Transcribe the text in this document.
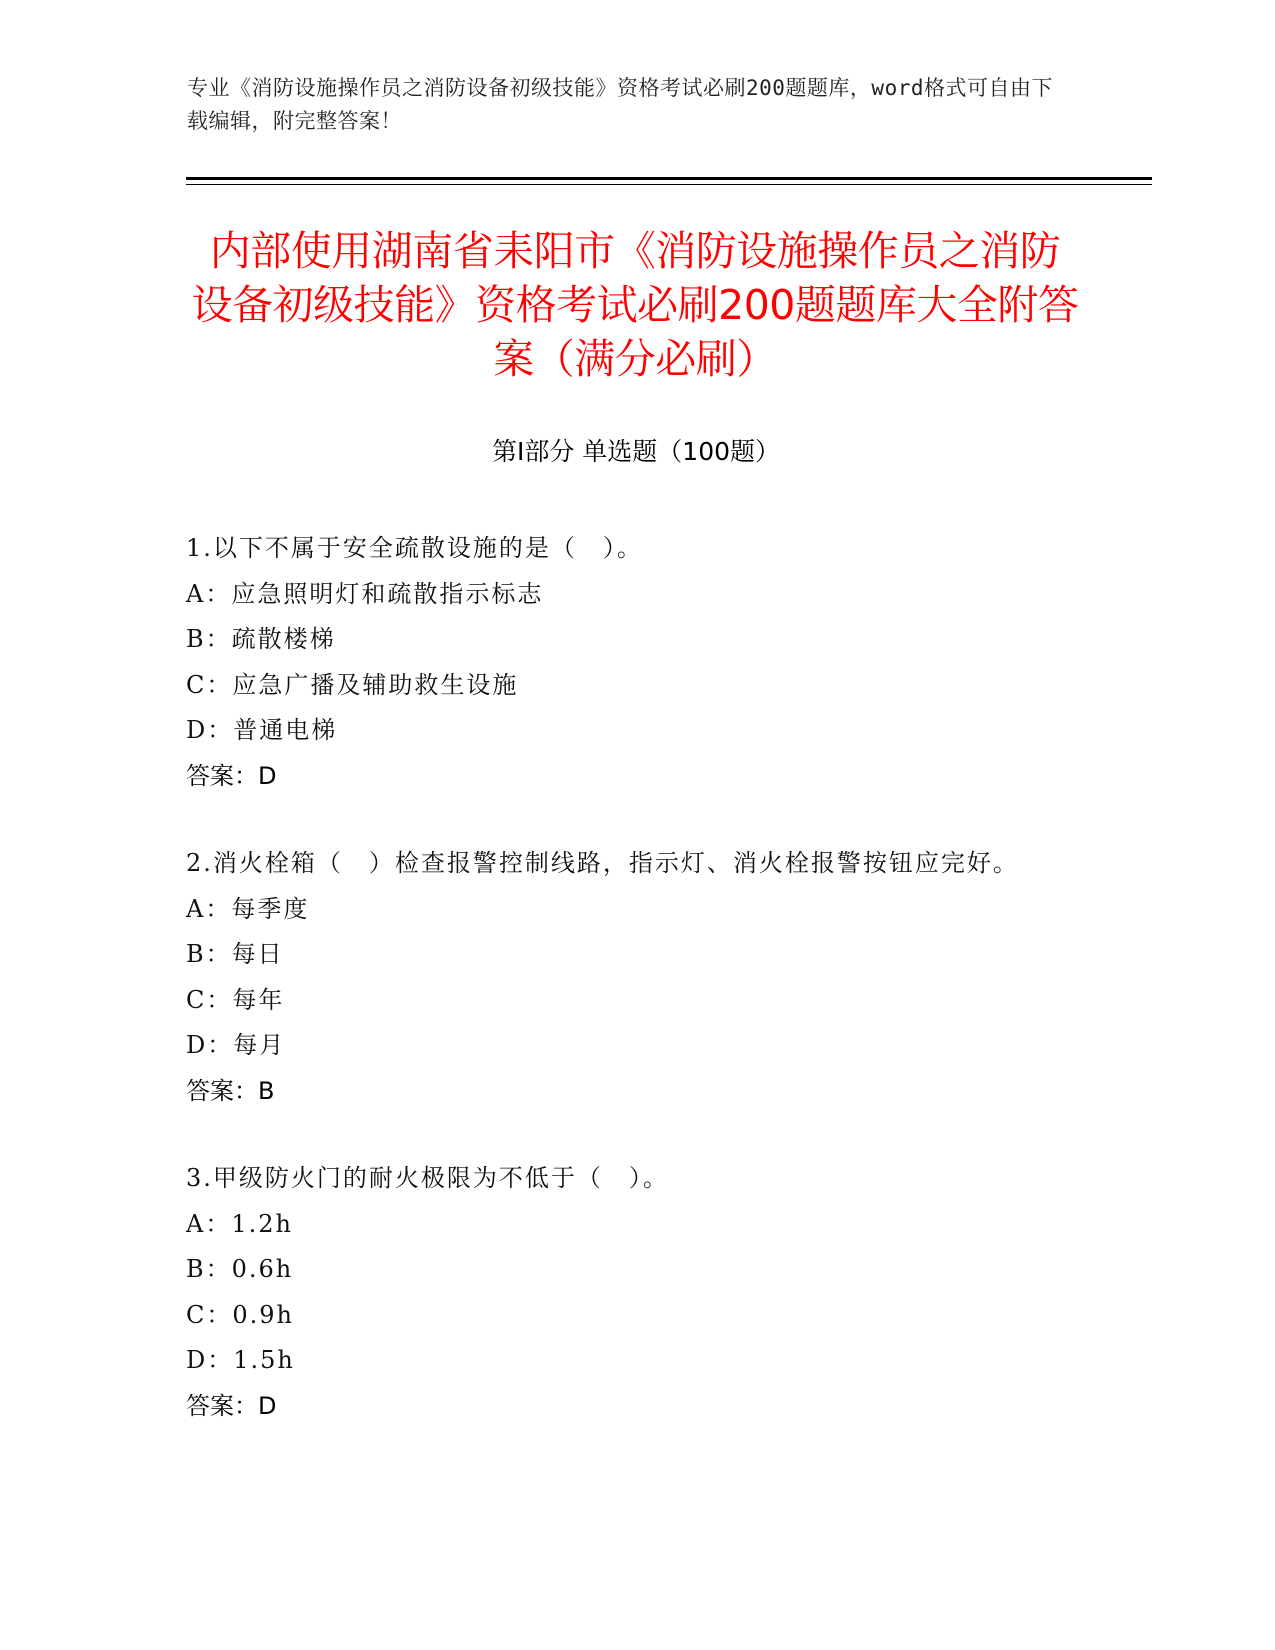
专业《消防设施操作员之消防设备初级技能》资格考试必刷200题题库，word格式可自由下载编辑，附完整答案！
内部使用湖南省耒阳市《消防设施操作员之消防设备初级技能》资格考试必刷200题题库大全附答案（满分必刷）
第Ⅰ部分 单选题（100题）
1.以下不属于安全疏散设施的是（　）。
A：应急照明灯和疏散指示标志
B：疏散楼梯
C：应急广播及辅助救生设施
D：普通电梯
答案：D
2.消火栓箱（　）检查报警控制线路，指示灯、消火栓报警按钮应完好。
A：每季度
B：每日
C：每年
D：每月
答案：B
3.甲级防火门的耐火极限为不低于（　）。
A：1.2h
B：0.6h
C：0.9h
D：1.5h
答案：D
